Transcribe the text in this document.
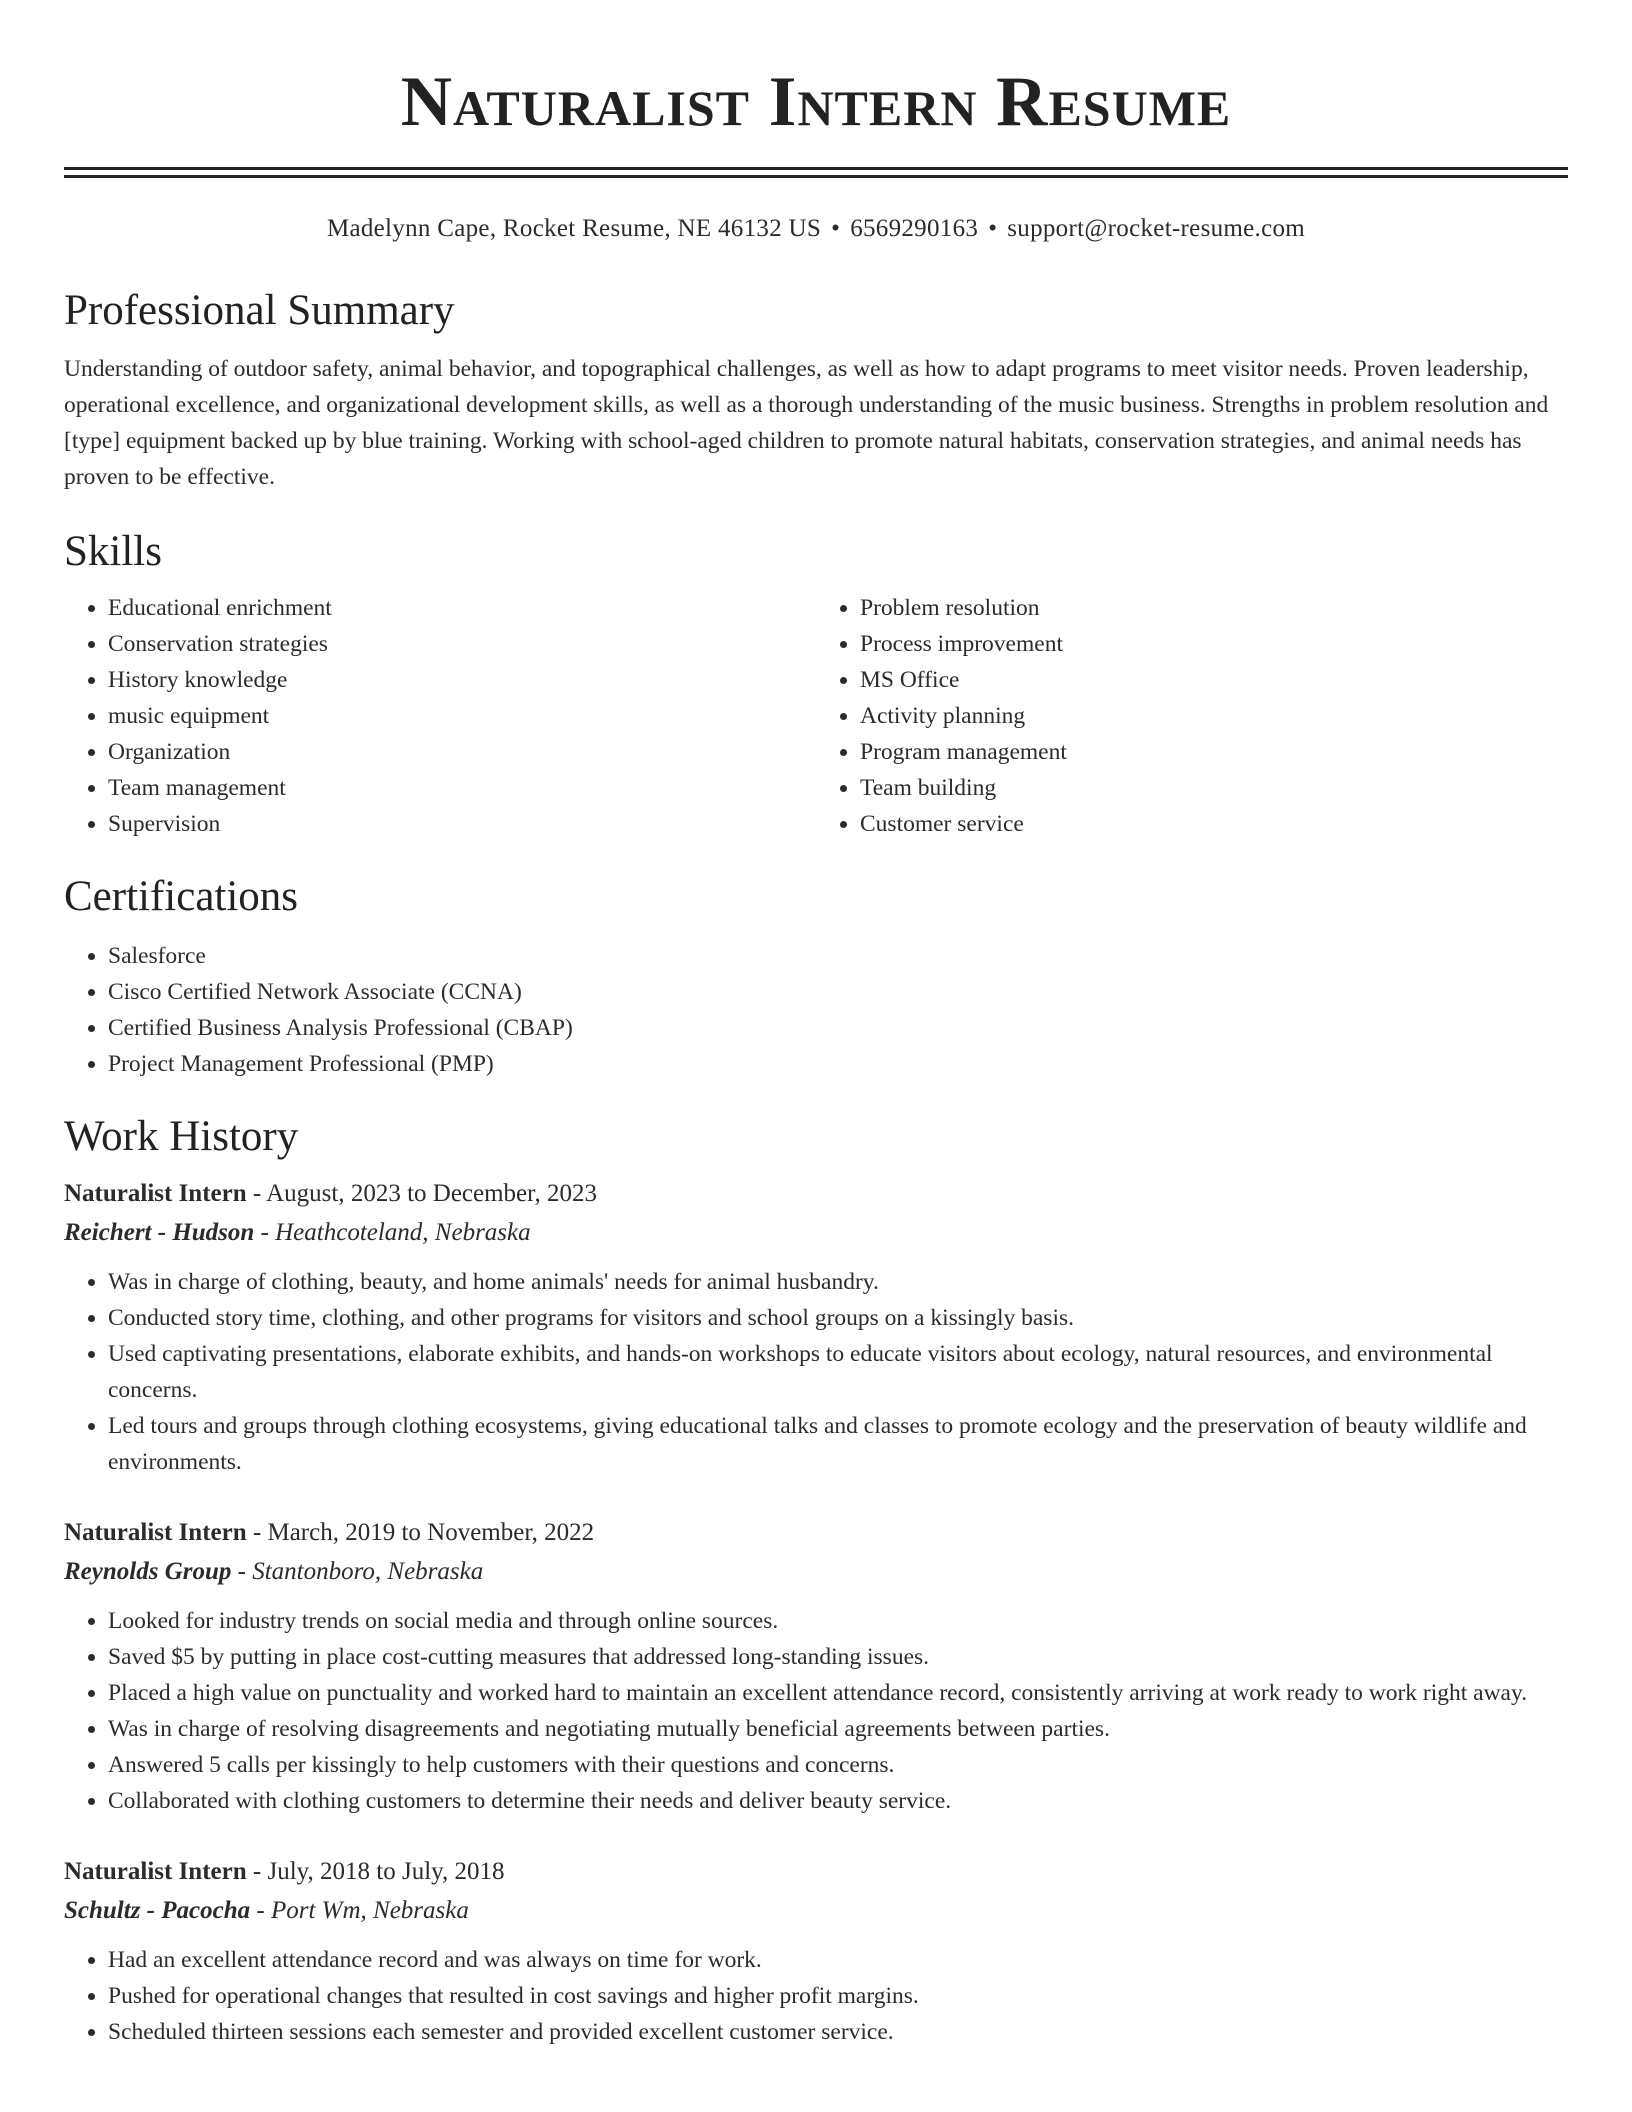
Naturalist Intern Resume
Madelynn Cape, Rocket Resume, NE 46132 US • 6569290163 • support@rocket-resume.com
Professional Summary

Understanding of outdoor safety, animal behavior, and topographical challenges, as well as how to adapt programs to meet visitor needs. Proven leadership, operational excellence, and organizational development skills, as well as a thorough understanding of the music business. Strengths in problem resolution and [type] equipment backed up by blue training. Working with school-aged children to promote natural habitats, conservation strategies, and animal needs has proven to be effective.

Skills
• Educational enrichment
• Conservation strategies
• History knowledge
• music equipment
• Organization
• Team management
• Supervision
• Problem resolution
• Process improvement
• MS Office
• Activity planning
• Program management
• Team building
• Customer service
Certifications
• Salesforce
• Cisco Certified Network Associate (CCNA)
• Certified Business Analysis Professional (CBAP)
• Project Management Professional (PMP)
Work History
Naturalist Intern - August, 2023 to December, 2023
Reichert - Hudson - Heathcoteland, Nebraska
• Was in charge of clothing, beauty, and home animals' needs for animal husbandry.
• Conducted story time, clothing, and other programs for visitors and school groups on a kissingly basis.
• Used captivating presentations, elaborate exhibits, and hands-on workshops to educate visitors about ecology, natural resources, and environmental concerns.
• Led tours and groups through clothing ecosystems, giving educational talks and classes to promote ecology and the preservation of beauty wildlife and environments.
Naturalist Intern - March, 2019 to November, 2022
Reynolds Group - Stantonboro, Nebraska
• Looked for industry trends on social media and through online sources.
• Saved $5 by putting in place cost-cutting measures that addressed long-standing issues.
• Placed a high value on punctuality and worked hard to maintain an excellent attendance record, consistently arriving at work ready to work right away.
• Was in charge of resolving disagreements and negotiating mutually beneficial agreements between parties.
• Answered 5 calls per kissingly to help customers with their questions and concerns.
• Collaborated with clothing customers to determine their needs and deliver beauty service.
Naturalist Intern - July, 2018 to July, 2018
Schultz - Pacocha - Port Wm, Nebraska
• Had an excellent attendance record and was always on time for work.
• Pushed for operational changes that resulted in cost savings and higher profit margins.
• Scheduled thirteen sessions each semester and provided excellent customer service.
